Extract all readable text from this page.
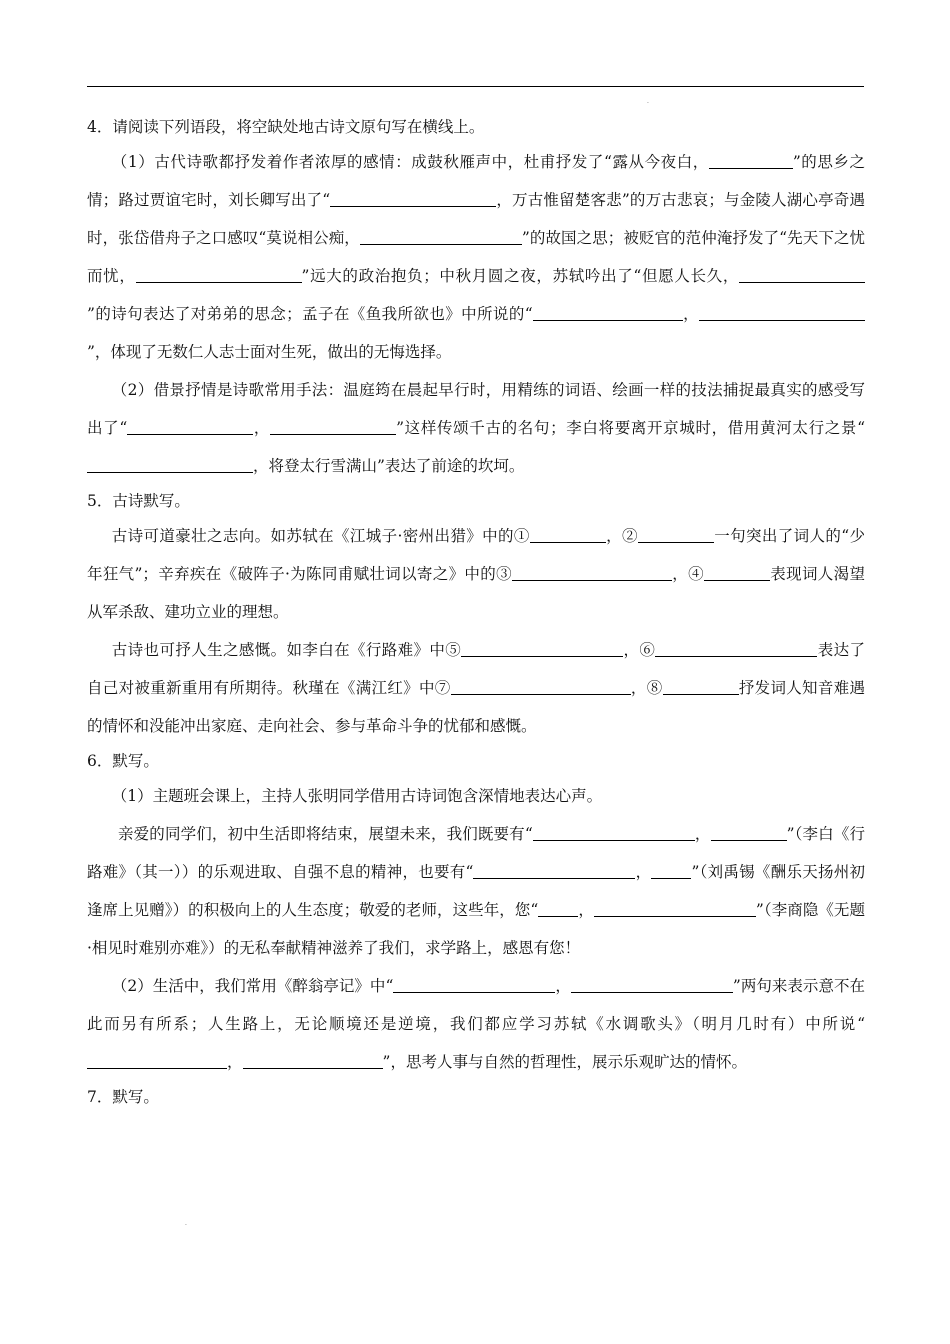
.
.

4．请阅读下列语段，将空缺处地古诗文原句写在横线上。

（1）古代诗歌都抒发着作者浓厚的感情：成鼓秋雁声中，杜甫抒发了“露从今夜白，	”的思乡之情；路过贾谊宅时，刘长卿写出了“	，万古惟留楚客悲”的万古悲哀；与金陵人湖心亭奇遇时，张岱借舟子之口感叹“莫说相公痴，	”的故国之思；被贬官的范仲淹抒发了“先天下之忧而忧，	”远大的政治抱负；中秋月圆之夜，苏轼吟出了“但愿人长久，”的诗句表达了对弟弟的思念；孟子在《鱼我所欲也》中所说的“	，”，体现了无数仁人志士面对生死，做出的无悔选择。

（2）借景抒情是诗歌常用手法：温庭筠在晨起早行时，用精练的词语、绘画一样的技法捕捉最真实的感受写出了“	，	”这样传颂千古的名句；李白将要离开京城时，借用黄河太行之景“，将登太行雪满山”表达了前途的坎坷。

5．古诗默写。

古诗可道豪壮之志向。如苏轼在《江城子·密州出猎》中的①	，②	一句突出了词人的“少年狂气”；辛弃疾在《破阵子·为陈同甫赋壮词以寄之》中的③	，④	表现词人渴望从军杀敌、建功立业的理想。

古诗也可抒人生之感慨。如李白在《行路难》中⑤	，⑥	表达了自己对被重新重用有所期待。秋瑾在《满江红》中⑦	，⑧	抒发词人知音难遇的情怀和没能冲出家庭、走向社会、参与革命斗争的忧郁和感慨。

6．默写。

（1）主题班会课上，主持人张明同学借用古诗词饱含深情地表达心声。

亲爱的同学们，初中生活即将结束，展望未来，我们既要有“	，	”（李白《行路难》（其一））的乐观进取、自强不息的精神，也要有“	，	”（刘禹锡《酬乐天扬州初逢席上见赠》）的积极向上的人生态度；敬爱的老师，这些年，您“	，	”（李商隐《无题·相见时难别亦难》）的无私奉献精神滋养了我们，求学路上，感恩有您！

（2）生活中，我们常用《醉翁亭记》中“	，	”两句来表示意不在此而另有所系；人生路上，无论顺境还是逆境，我们都应学习苏轼《水调歌头》（明月几时有）中所说“，	”，思考人事与自然的哲理性，展示乐观旷达的情怀。

7．默写。
